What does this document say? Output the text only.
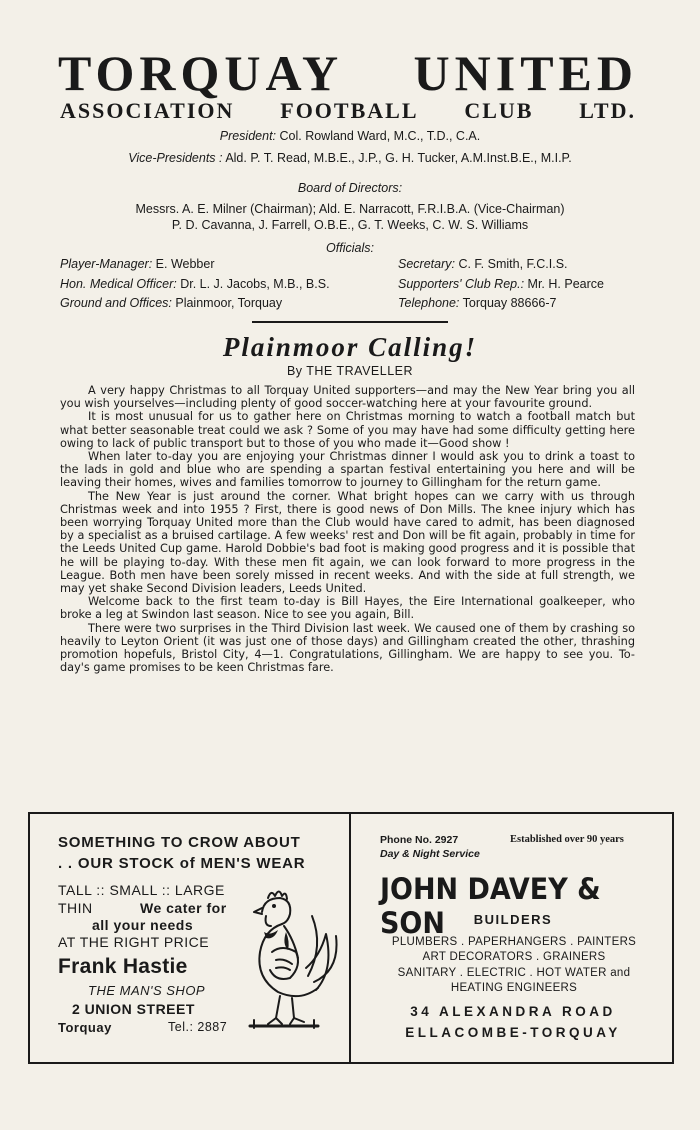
TORQUAY UNITED
ASSOCIATION FOOTBALL CLUB LTD.
President: Col. Rowland Ward, M.C., T.D., C.A.
Vice-Presidents : Ald. P. T. Read, M.B.E., J.P., G. H. Tucker, A.M.Inst.B.E., M.I.P.
Board of Directors:
Messrs. A. E. Milner (Chairman); Ald. E. Narracott, F.R.I.B.A. (Vice-Chairman)
P. D. Cavanna, J. Farrell, O.B.E., G. T. Weeks, C. W. S. Williams
Officials:
Player-Manager: E. Webber	Secretary: C. F. Smith, F.C.I.S.
Hon. Medical Officer: Dr. L. J. Jacobs, M.B., B.S.	Supporters' Club Rep.: Mr. H. Pearce
Ground and Offices: Plainmoor, Torquay	Telephone: Torquay 88666-7
Plainmoor Calling!
By THE TRAVELLER

A very happy Christmas to all Torquay United supporters—and may the New Year bring you all you wish yourselves—including plenty of good soccer-watching here at your favourite ground.

It is most unusual for us to gather here on Christmas morning to watch a football match but what better seasonable treat could we ask ? Some of you may have had some difficulty getting here owing to lack of public transport but to those of you who made it—Good show !

When later to-day you are enjoying your Christmas dinner I would ask you to drink a toast to the lads in gold and blue who are spending a spartan festival entertaining you here and will be leaving their homes, wives and families tomorrow to journey to Gillingham for the return game.

The New Year is just around the corner. What bright hopes can we carry with us through Christmas week and into 1955 ? First, there is good news of Don Mills. The knee injury which has been worrying Torquay United more than the Club would have cared to admit, has been diagnosed by a specialist as a bruised cartilage. A few weeks' rest and Don will be fit again, probably in time for the Leeds United Cup game. Harold Dobbie's bad foot is making good progress and it is possible that he will be playing to-day. With these men fit again, we can look forward to more progress in the League. Both men have been sorely missed in recent weeks. And with the side at full strength, we may yet shake Second Division leaders, Leeds United.

Welcome back to the first team to-day is Bill Hayes, the Eire International goalkeeper, who broke a leg at Swindon last season. Nice to see you again, Bill.

There were two surprises in the Third Division last week. We caused one of them by crashing so heavily to Leyton Orient (it was just one of those days) and Gillingham created the other, thrashing promotion hopefuls, Bristol City, 4—1. Congratulations, Gillingham. We are happy to see you. To-day's game promises to be keen Christmas fare.

SOMETHING TO CROW ABOUT
. . OUR STOCK of MEN'S WEAR
TALL :: SMALL :: LARGE
THIN	We cater for
all your needs
AT THE RIGHT PRICE
Frank Hastie
THE MAN'S SHOP
2 UNION STREET
Torquay	Tel.: 2887
Phone No. 2927	Established over 90 years
Day & Night Service
JOHN DAVEY & SON	BUILDERS
PLUMBERS . PAPERHANGERS . PAINTERS
ART DECORATORS . GRAINERS
SANITARY . ELECTRIC . HOT WATER and
HEATING ENGINEERS
34 ALEXANDRA ROAD
ELLACOMBE-TORQUAY
